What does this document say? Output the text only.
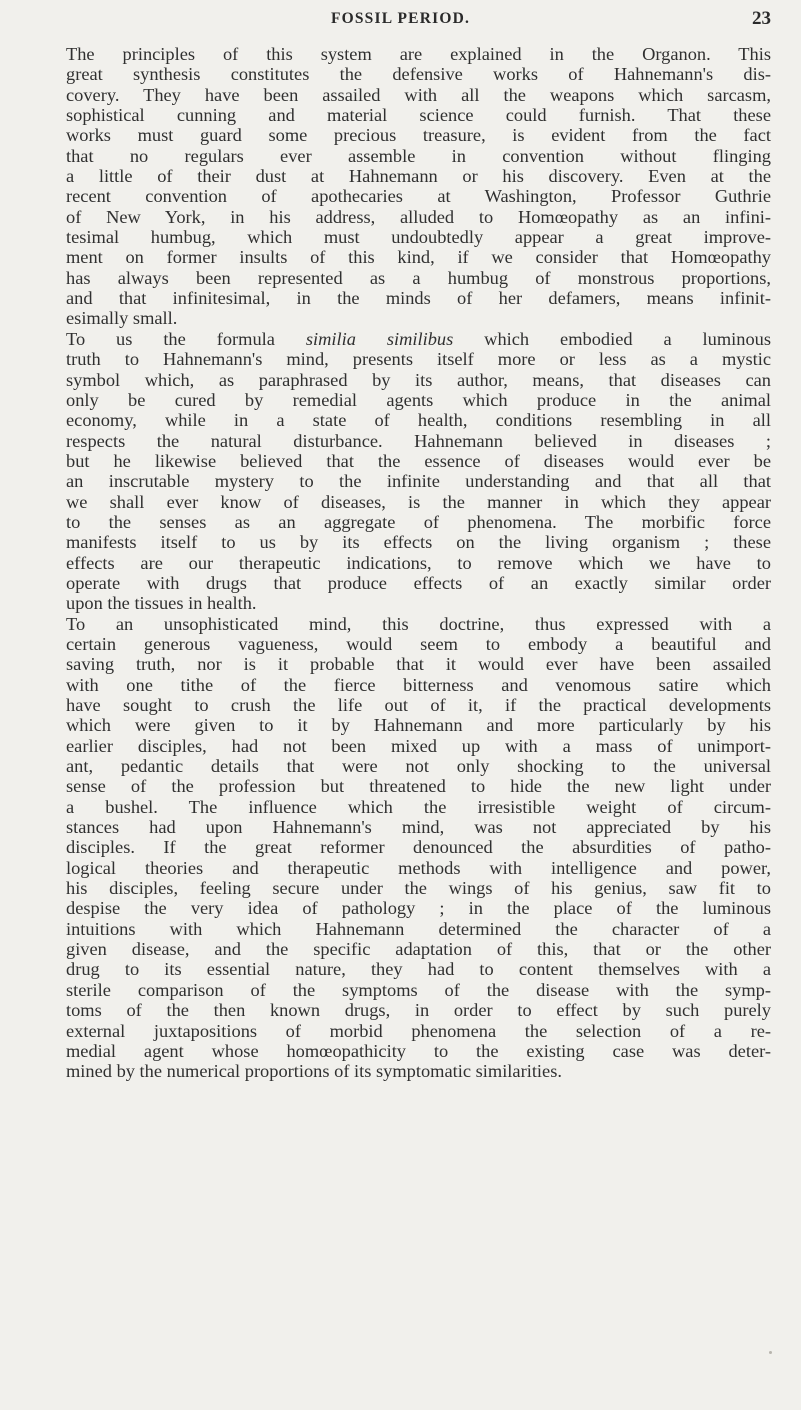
FOSSIL PERIOD.	23
The principles of this system are explained in the Organon. This
great synthesis constitutes the defensive works of Hahnemann's dis-
covery. They have been assailed with all the weapons which sarcasm,
sophistical cunning and material science could furnish. That these
works must guard some precious treasure, is evident from the fact
that no regulars ever assemble in convention without flinging
a little of their dust at Hahnemann or his discovery. Even at the
recent convention of apothecaries at Washington, Professor Guthrie
of New York, in his address, alluded to Homœopathy as an infini-
tesimal humbug, which must undoubtedly appear a great improve-
ment on former insults of this kind, if we consider that Homœopathy
has always been represented as a humbug of monstrous proportions,
and that infinitesimal, in the minds of her defamers, means infinit-
esimally small.
To us the formula similia similibus which embodied a luminous
truth to Hahnemann's mind, presents itself more or less as a mystic
symbol which, as paraphrased by its author, means, that diseases can
only be cured by remedial agents which produce in the animal
economy, while in a state of health, conditions resembling in all
respects the natural disturbance. Hahnemann believed in diseases ;
but he likewise believed that the essence of diseases would ever be
an inscrutable mystery to the infinite understanding and that all that
we shall ever know of diseases, is the manner in which they appear
to the senses as an aggregate of phenomena. The morbific force
manifests itself to us by its effects on the living organism ; these
effects are our therapeutic indications, to remove which we have to
operate with drugs that produce effects of an exactly similar order
upon the tissues in health.
To an unsophisticated mind, this doctrine, thus expressed with a
certain generous vagueness, would seem to embody a beautiful and
saving truth, nor is it probable that it would ever have been assailed
with one tithe of the fierce bitterness and venomous satire which
have sought to crush the life out of it, if the practical developments
which were given to it by Hahnemann and more particularly by his
earlier disciples, had not been mixed up with a mass of unimport-
ant, pedantic details that were not only shocking to the universal
sense of the profession but threatened to hide the new light under
a bushel. The influence which the irresistible weight of circum-
stances had upon Hahnemann's mind, was not appreciated by his
disciples. If the great reformer denounced the absurdities of patho-
logical theories and therapeutic methods with intelligence and power,
his disciples, feeling secure under the wings of his genius, saw fit to
despise the very idea of pathology ; in the place of the luminous
intuitions with which Hahnemann determined the character of a
given disease, and the specific adaptation of this, that or the other
drug to its essential nature, they had to content themselves with a
sterile comparison of the symptoms of the disease with the symp-
toms of the then known drugs, in order to effect by such purely
external juxtapositions of morbid phenomena the selection of a re-
medial agent whose homœopathicity to the existing case was deter-
mined by the numerical proportions of its symptomatic similarities.
